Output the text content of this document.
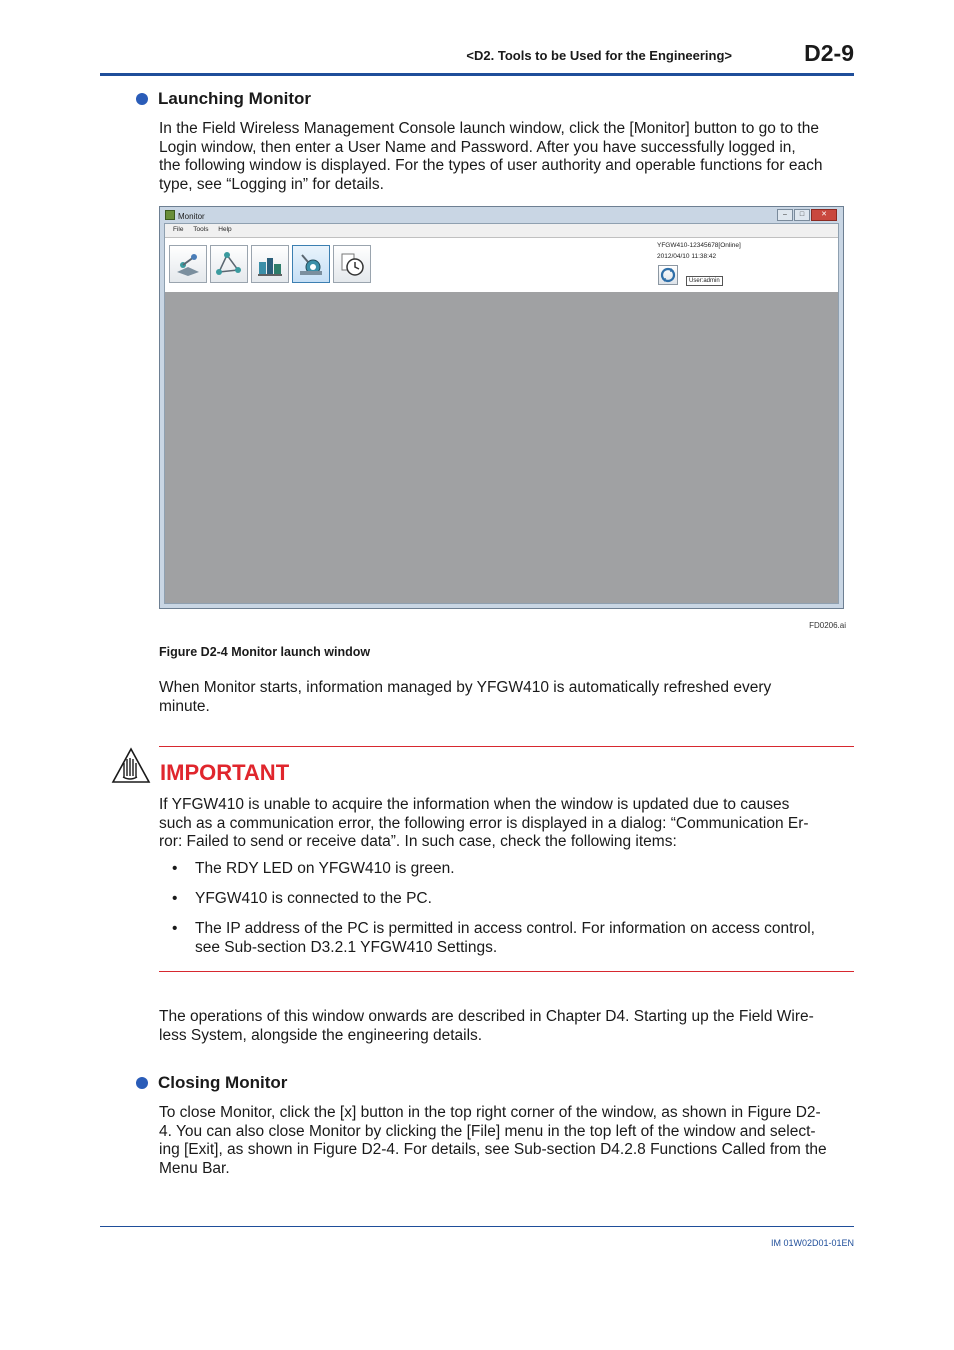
<D2. Tools to be Used for the Engineering>	D2-9
Launching Monitor
In the Field Wireless Management Console launch window, click the [Monitor] button to go to the
Login window, then enter a User Name and Password. After you have successfully logged in,
the following window is displayed. For the types of user authority and operable functions for each
type, see “Logging in” for details.
Monitor	–	□	✕
File Tools Help
YFGW410-12345678[Online]
2012/04/10 11:38:42
User:admin
FD0206.ai
Figure D2-4 Monitor launch window
When Monitor starts, information managed by YFGW410 is automatically refreshed every
minute.
IMPORTANT
If YFGW410 is unable to acquire the information when the window is updated due to causes
such as a communication error, the following error is displayed in a dialog: “Communication Er-
ror: Failed to send or receive data”. In such case, check the following items:
• The RDY LED on YFGW410 is green.
• YFGW410 is connected to the PC.
• The IP address of the PC is permitted in access control. For information on access control,
see Sub-section D3.2.1 YFGW410 Settings.
The operations of this window onwards are described in Chapter D4. Starting up the Field Wire-
less System, alongside the engineering details.
Closing Monitor
To close Monitor, click the [x] button in the top right corner of the window, as shown in Figure D2-
4. You can also close Monitor by clicking the [File] menu in the top left of the window and select-
ing [Exit], as shown in Figure D2-4. For details, see Sub-section D4.2.8 Functions Called from the
Menu Bar.
IM 01W02D01-01EN
